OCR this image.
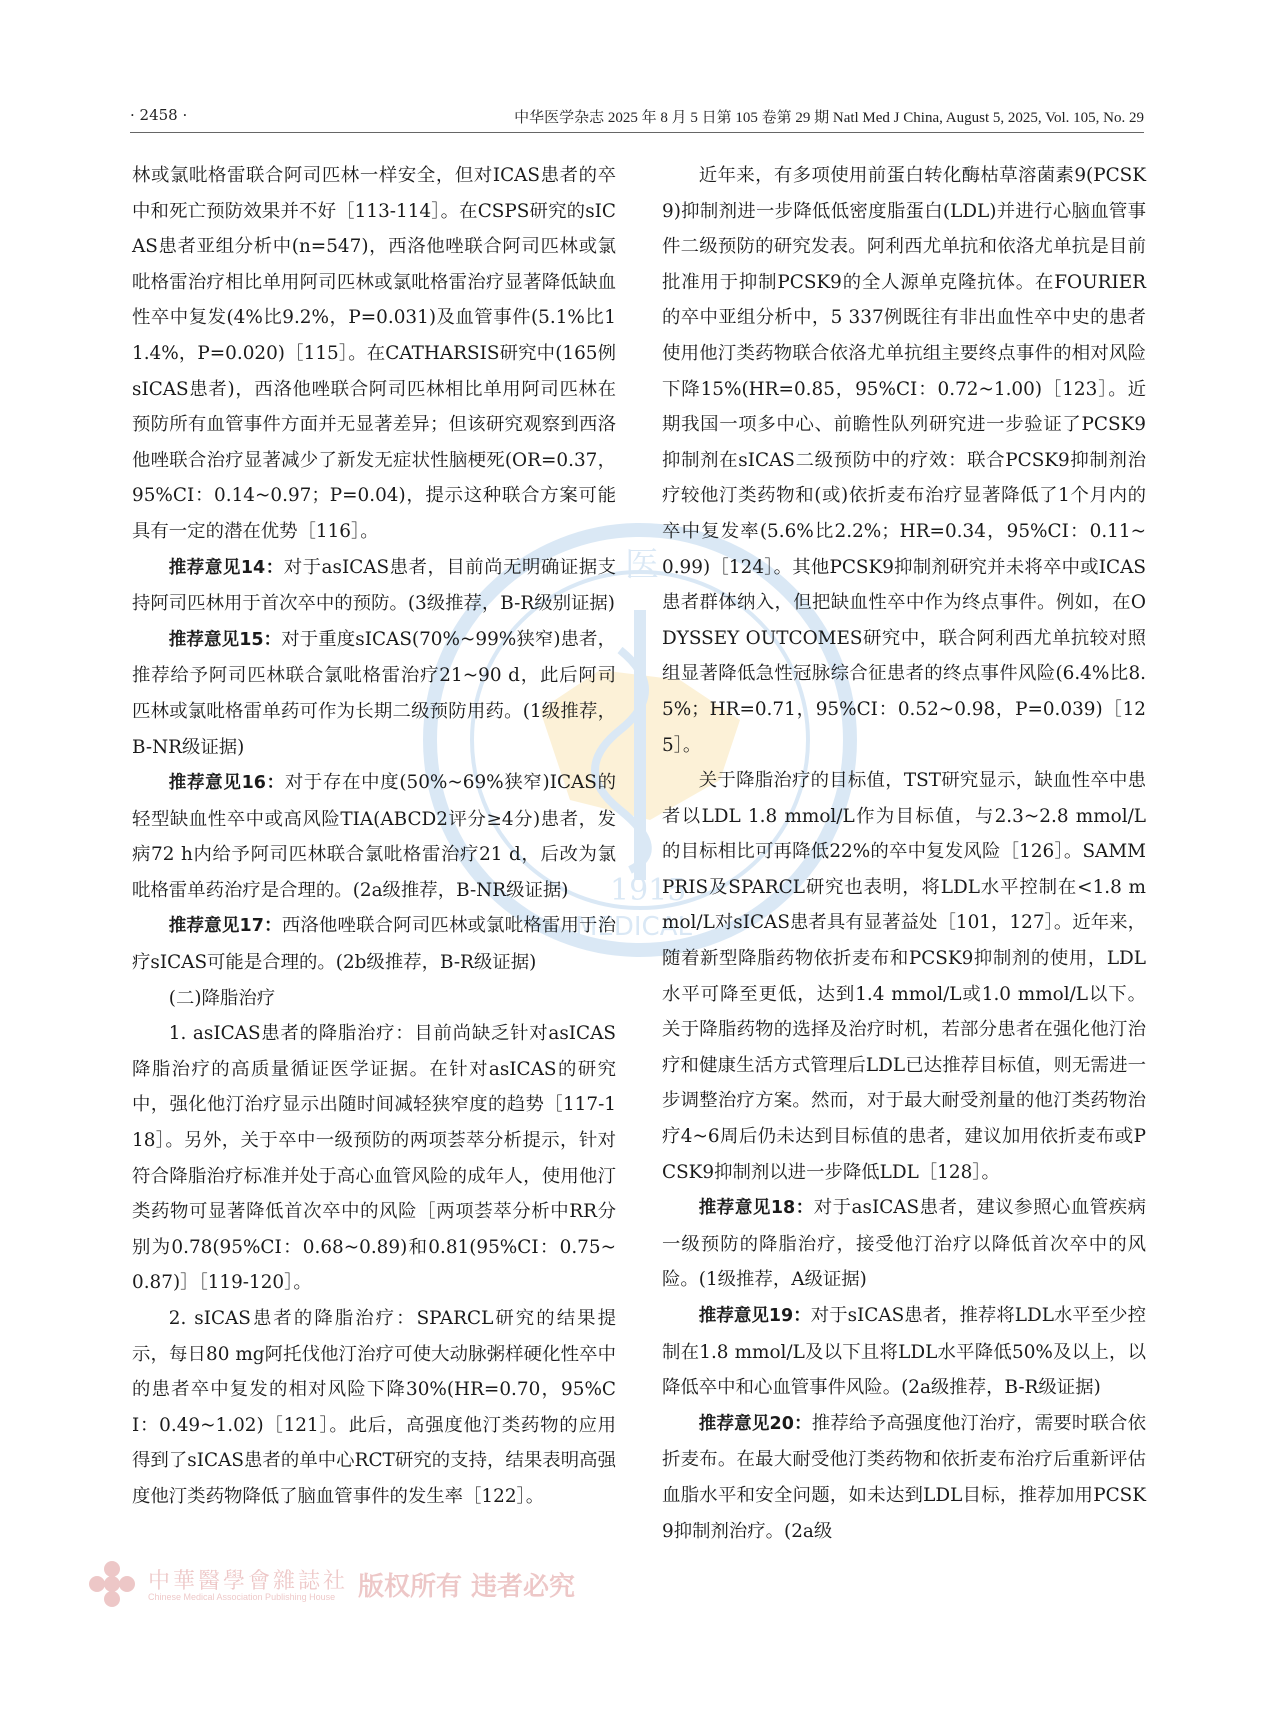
· 2458 ·	中华医学杂志 2025 年 8 月 5 日第 105 卷第 29 期 Natl Med J China, August 5, 2025, Vol. 105, No. 29
医
1915
MEDICAL
中華醫學會雜誌社
Chinese Medical Association Publishing House 版权所有 违者必究

林或氯吡格雷联合阿司匹林一样安全，但对ICAS患者的卒中和死亡预防效果并不好［113-114］。在CSPS研究的sICAS患者亚组分析中(n=547)，西洛他唑联合阿司匹林或氯吡格雷治疗相比单用阿司匹林或氯吡格雷治疗显著降低缺血性卒中复发(4%比9.2%，P=0.031)及血管事件(5.1%比11.4%，P=0.020)［115］。在CATHARSIS研究中(165例sICAS患者)，西洛他唑联合阿司匹林相比单用阿司匹林在预防所有血管事件方面并无显著差异；但该研究观察到西洛他唑联合治疗显著减少了新发无症状性脑梗死(OR=0.37，95%CI：0.14~0.97；P=0.04)，提示这种联合方案可能具有一定的潜在优势［116］。

推荐意见14：对于asICAS患者，目前尚无明确证据支持阿司匹林用于首次卒中的预防。(3级推荐，B-R级别证据)

推荐意见15：对于重度sICAS(70%~99%狭窄)患者，推荐给予阿司匹林联合氯吡格雷治疗21~90 d，此后阿司匹林或氯吡格雷单药可作为长期二级预防用药。(1级推荐，B-NR级证据)

推荐意见16：对于存在中度(50%~69%狭窄)ICAS的轻型缺血性卒中或高风险TIA(ABCD2评分≥4分)患者，发病72 h内给予阿司匹林联合氯吡格雷治疗21 d，后改为氯吡格雷单药治疗是合理的。(2a级推荐，B-NR级证据)

推荐意见17：西洛他唑联合阿司匹林或氯吡格雷用于治疗sICAS可能是合理的。(2b级推荐，B-R级证据)

(二)降脂治疗

1. asICAS患者的降脂治疗：目前尚缺乏针对asICAS降脂治疗的高质量循证医学证据。在针对asICAS的研究中，强化他汀治疗显示出随时间减轻狭窄度的趋势［117-118］。另外，关于卒中一级预防的两项荟萃分析提示，针对符合降脂治疗标准并处于高心血管风险的成年人，使用他汀类药物可显著降低首次卒中的风险［两项荟萃分析中RR分别为0.78(95%CI：0.68~0.89)和0.81(95%CI：0.75~0.87)］［119-120］。

2. sICAS患者的降脂治疗：SPARCL研究的结果提示，每日80 mg阿托伐他汀治疗可使大动脉粥样硬化性卒中的患者卒中复发的相对风险下降30%(HR=0.70，95%CI：0.49~1.02)［121］。此后，高强度他汀类药物的应用得到了sICAS患者的单中心RCT研究的支持，结果表明高强度他汀类药物降低了脑血管事件的发生率［122］。

近年来，有多项使用前蛋白转化酶枯草溶菌素9(PCSK9)抑制剂进一步降低低密度脂蛋白(LDL)并进行心脑血管事件二级预防的研究发表。阿利西尤单抗和依洛尤单抗是目前批准用于抑制PCSK9的全人源单克隆抗体。在FOURIER的卒中亚组分析中，5 337例既往有非出血性卒中史的患者使用他汀类药物联合依洛尤单抗组主要终点事件的相对风险下降15%(HR=0.85，95%CI：0.72~1.00)［123］。近期我国一项多中心、前瞻性队列研究进一步验证了PCSK9抑制剂在sICAS二级预防中的疗效：联合PCSK9抑制剂治疗较他汀类药物和(或)依折麦布治疗显著降低了1个月内的卒中复发率(5.6%比2.2%；HR=0.34，95%CI：0.11~0.99)［124］。其他PCSK9抑制剂研究并未将卒中或ICAS患者群体纳入，但把缺血性卒中作为终点事件。例如，在ODYSSEY OUTCOMES研究中，联合阿利西尤单抗较对照组显著降低急性冠脉综合征患者的终点事件风险(6.4%比8.5%；HR=0.71，95%CI：0.52~0.98，P=0.039)［125］。

关于降脂治疗的目标值，TST研究显示，缺血性卒中患者以LDL 1.8 mmol/L作为目标值，与2.3~2.8 mmol/L的目标相比可再降低22%的卒中复发风险［126］。SAMMPRIS及SPARCL研究也表明，将LDL水平控制在<1.8 mmol/L对sICAS患者具有显著益处［101，127］。近年来，随着新型降脂药物依折麦布和PCSK9抑制剂的使用，LDL水平可降至更低，达到1.4 mmol/L或1.0 mmol/L以下。关于降脂药物的选择及治疗时机，若部分患者在强化他汀治疗和健康生活方式管理后LDL已达推荐目标值，则无需进一步调整治疗方案。然而，对于最大耐受剂量的他汀类药物治疗4~6周后仍未达到目标值的患者，建议加用依折麦布或PCSK9抑制剂以进一步降低LDL［128］。

推荐意见18：对于asICAS患者，建议参照心血管疾病一级预防的降脂治疗，接受他汀治疗以降低首次卒中的风险。(1级推荐，A级证据)

推荐意见19：对于sICAS患者，推荐将LDL水平至少控制在1.8 mmol/L及以下且将LDL水平降低50%及以上，以降低卒中和心血管事件风险。(2a级推荐，B-R级证据)

推荐意见20：推荐给予高强度他汀治疗，需要时联合依折麦布。在最大耐受他汀类药物和依折麦布治疗后重新评估血脂水平和安全问题，如未达到LDL目标，推荐加用PCSK9抑制剂治疗。(2a级
